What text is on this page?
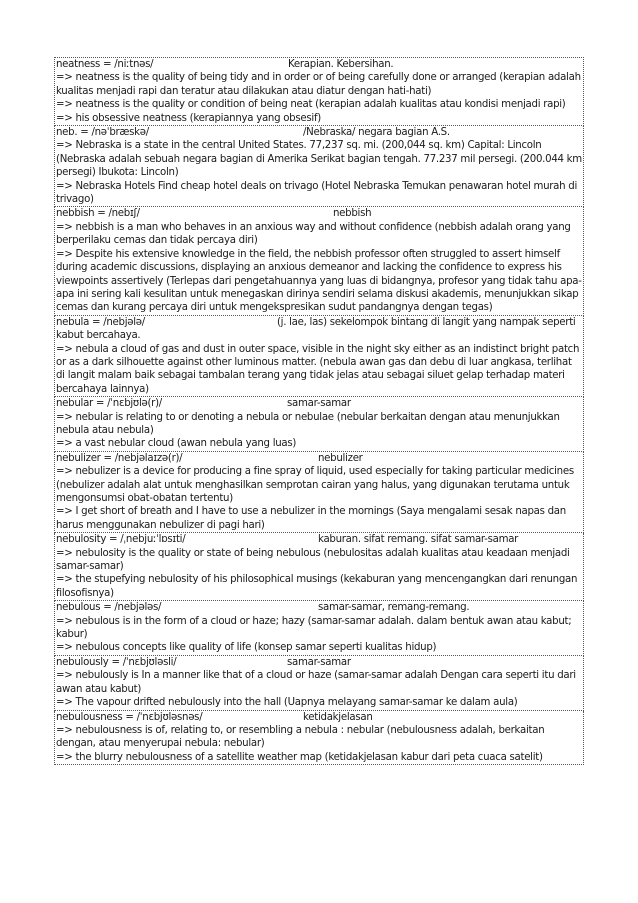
neatness = /niːtnəs/	Kerapian. Kebersihan.
=> neatness is the quality of being tidy and in order or of being carefully done or arranged (kerapian adalah kualitas menjadi rapi dan teratur atau dilakukan atau diatur dengan hati-hati)
=> neatness is the quality or condition of being neat (kerapian adalah kualitas atau kondisi menjadi rapi)
=> his obsessive neatness (kerapiannya yang obsesif)
neb. = /nəˈbræskə/	/Nebraska/ negara bagian A.S.
=> Nebraska is a state in the central United States. 77,237 sq. mi. (200,044 sq. km) Capital: Lincoln (Nebraska adalah sebuah negara bagian di Amerika Serikat bagian tengah. 77.237 mil persegi. (200.044 km persegi) Ibukota: Lincoln)
=> Nebraska Hotels Find cheap hotel deals on trivago (Hotel Nebraska Temukan penawaran hotel murah di trivago)
nebbish = /nebɪʃ/	nebbish
=> nebbish is a man who behaves in an anxious way and without confidence (nebbish adalah orang yang berperilaku cemas dan tidak percaya diri)
=> Despite his extensive knowledge in the field, the nebbish professor often struggled to assert himself during academic discussions, displaying an anxious demeanor and lacking the confidence to express his viewpoints assertively (Terlepas dari pengetahuannya yang luas di bidangnya, profesor yang tidak tahu apa-apa ini sering kali kesulitan untuk menegaskan dirinya sendiri selama diskusi akademis, menunjukkan sikap cemas dan kurang percaya diri untuk mengekspresikan sudut pandangnya dengan tegas)
nebula = /nebjələ/	(j. lae, las) sekelompok bintang di langit yang nampak seperti kabut bercahaya.
=> nebula a cloud of gas and dust in outer space, visible in the night sky either as an indistinct bright patch or as a dark silhouette against other luminous matter. (nebula awan gas dan debu di luar angkasa, terlihat di langit malam baik sebagai tambalan terang yang tidak jelas atau sebagai siluet gelap terhadap materi bercahaya lainnya)
nebular = /ˈnɛbjʊlə(r)/	samar-samar
=> nebular is relating to or denoting a nebula or nebulae (nebular berkaitan dengan atau menunjukkan nebula atau nebula)
=> a vast nebular cloud (awan nebula yang luas)
nebulizer = /nebjəlaɪzə(r)/	nebulizer
=> nebulizer is a device for producing a fine spray of liquid, used especially for taking particular medicines (nebulizer adalah alat untuk menghasilkan semprotan cairan yang halus, yang digunakan terutama untuk mengonsumsi obat-obatan tertentu)
=> I get short of breath and I have to use a nebulizer in the mornings (Saya mengalami sesak napas dan harus menggunakan nebulizer di pagi hari)
nebulosity = /ˌnebjuːˈlɒsɪti/	kaburan. sifat remang. sifat samar-samar
=> nebulosity is the quality or state of being nebulous (nebulositas adalah kualitas atau keadaan menjadi samar-samar)
=> the stupefying nebulosity of his philosophical musings (kekaburan yang mencengangkan dari renungan filosofisnya)
nebulous = /nebjələs/	samar-samar, remang-remang.
=> nebulous is in the form of a cloud or haze; hazy (samar-samar adalah. dalam bentuk awan atau kabut; kabur)
=> nebulous concepts like quality of life (konsep samar seperti kualitas hidup)
nebulously = /ˈnɛbjʊləsli/	samar-samar
=> nebulously is In a manner like that of a cloud or haze (samar-samar adalah Dengan cara seperti itu dari awan atau kabut)
=> The vapour drifted nebulously into the hall (Uapnya melayang samar-samar ke dalam aula)
nebulousness = /ˈnɛbjʊləsnəs/	ketidakjelasan
=> nebulousness is of, relating to, or resembling a nebula : nebular (nebulousness adalah, berkaitan dengan, atau menyerupai nebula: nebular)
=> the blurry nebulousness of a satellite weather map (ketidakjelasan kabur dari peta cuaca satelit)
